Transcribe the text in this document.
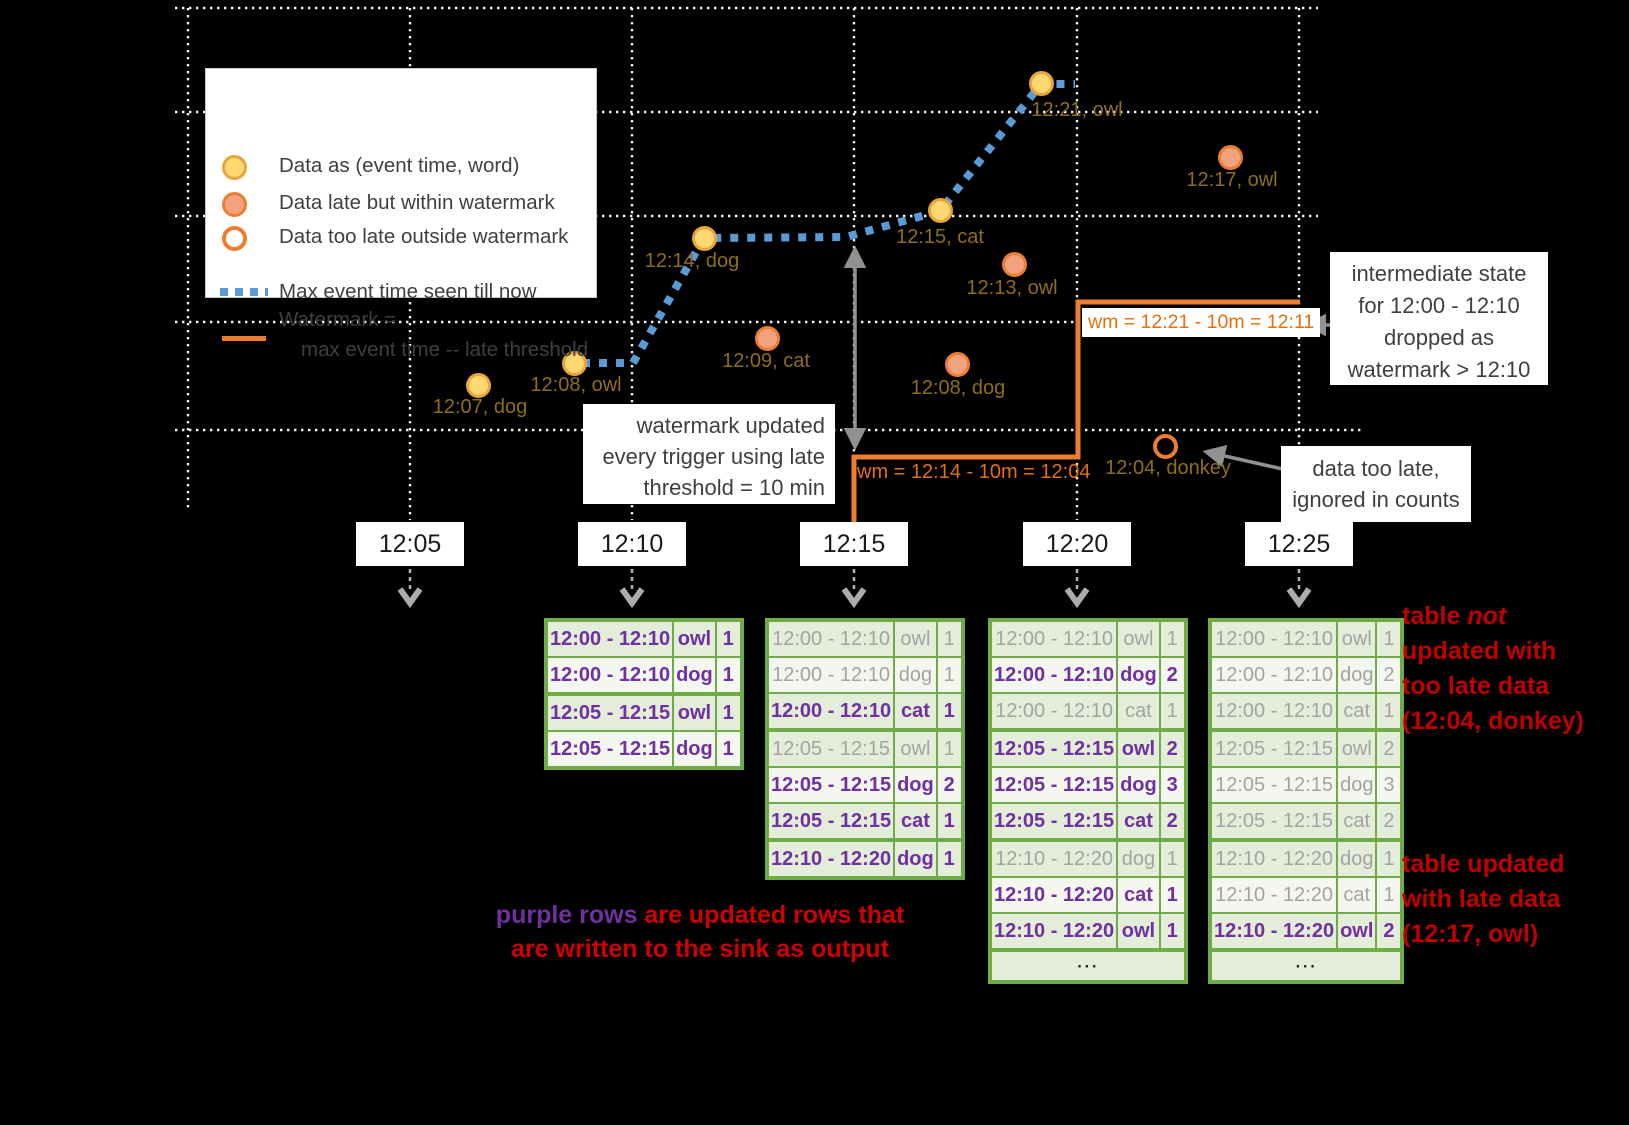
Data as (event time, word)
Data late but within watermark
Data too late outside watermark
Max event time seen till now
Watermark =
max event time -- late threshold
12:07, dog
12:08, owl
12:09, cat
12:14, dog
12:15, cat
12:13, owl
12:21, owl
12:17, owl
12:08, dog
12:04, donkey
wm = 12:14 - 10m = 12:04
wm = 12:21 - 10m = 12:11
watermark updated
every trigger using late
threshold = 10 min
intermediate state
for 12:00 - 12:10
dropped as
watermark > 12:10
data too late,
ignored in counts
12:05	12:10	12:15	12:20	12:25
12:00 - 12:10	owl	1
12:00 - 12:10	dog	1
12:05 - 12:15	owl	1
12:05 - 12:15	dog	1
12:00 - 12:10	owl	1
12:00 - 12:10	dog	1
12:00 - 12:10	cat	1
12:05 - 12:15	owl	1
12:05 - 12:15	dog	2
12:05 - 12:15	cat	1
12:10 - 12:20	dog	1
12:00 - 12:10	owl	1
12:00 - 12:10	dog	2
12:00 - 12:10	cat	1
12:05 - 12:15	owl	2
12:05 - 12:15	dog	3
12:05 - 12:15	cat	2
12:10 - 12:20	dog	1
12:10 - 12:20	cat	1
12:10 - 12:20	owl	1
⋯		
12:00 - 12:10	owl	1
12:00 - 12:10	dog	2
12:00 - 12:10	cat	1
12:05 - 12:15	owl	2
12:05 - 12:15	dog	3
12:05 - 12:15	cat	2
12:10 - 12:20	dog	1
12:10 - 12:20	cat	1
12:10 - 12:20	owl	2
⋯		
purple rows are updated rows that
are written to the sink as output
table not
updated with
too late data
(12:04, donkey)
table updated
with late data
(12:17, owl)
